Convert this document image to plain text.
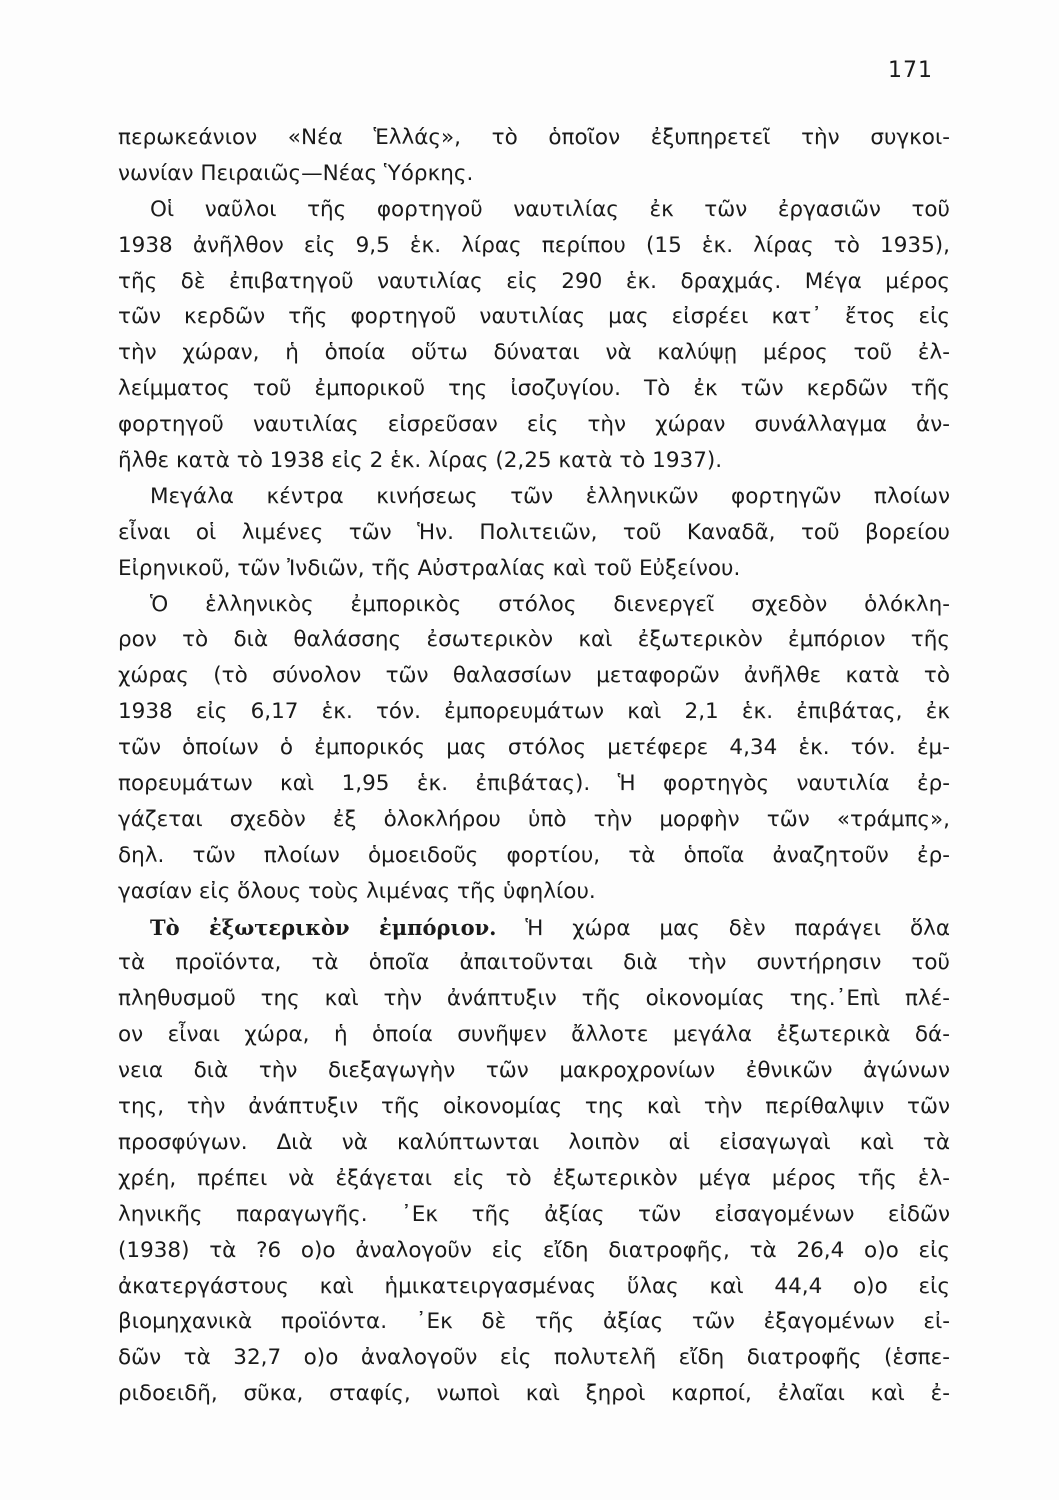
171
περωκεάνιον «Νέα Ἑλλάς», τὸ ὁποῖον ἐξυπηρετεῖ τὴν συγκοι-
νωνίαν Πειραιῶς—Νέας Ὑόρκης.
Οἱ ναῦλοι τῆς φορτηγοῦ ναυτιλίας ἐκ τῶν ἐργασιῶν τοῦ
1938 ἀνῆλθον εἰς 9,5 ἑκ. λίρας περίπου (15 ἑκ. λίρας τὸ 1935),
τῆς δὲ ἐπιβατηγοῦ ναυτιλίας εἰς 290 ἑκ. δραχμάς. Μέγα μέρος
τῶν κερδῶν τῆς φορτηγοῦ ναυτιλίας μας εἰσρέει κατ᾽ ἔτος εἰς
τὴν χώραν, ἡ ὁποία οὕτω δύναται νὰ καλύψῃ μέρος τοῦ ἐλ-
λείμματος τοῦ ἐμπορικοῦ της ἰσοζυγίου. Τὸ ἐκ τῶν κερδῶν τῆς
φορτηγοῦ ναυτιλίας εἰσρεῦσαν εἰς τὴν χώραν συνάλλαγμα ἀν-
ῆλθε κατὰ τὸ 1938 εἰς 2 ἑκ. λίρας (2,25 κατὰ τὸ 1937).
Μεγάλα κέντρα κινήσεως τῶν ἑλληνικῶν φορτηγῶν πλοίων
εἶναι οἱ λιμένες τῶν Ἡν. Πολιτειῶν, τοῦ Καναδᾶ, τοῦ βορείου
Εἰρηνικοῦ, τῶν Ἰνδιῶν, τῆς Αὐστραλίας καὶ τοῦ Εὐξείνου.
Ὁ ἑλληνικὸς ἐμπορικὸς στόλος διενεργεῖ σχεδὸν ὁλόκλη-
ρον τὸ διὰ θαλάσσης ἐσωτερικὸν καὶ ἐξωτερικὸν ἐμπόριον τῆς
χώρας (τὸ σύνολον τῶν θαλασσίων μεταφορῶν ἀνῆλθε κατὰ τὸ
1938 εἰς 6,17 ἑκ. τόν. ἐμπορευμάτων καὶ 2,1 ἑκ. ἐπιβάτας, ἐκ
τῶν ὁποίων ὁ ἐμπορικός μας στόλος μετέφερε 4,34 ἑκ. τόν. ἐμ-
πορευμάτων καὶ 1,95 ἑκ. ἐπιβάτας). Ἡ φορτηγὸς ναυτιλία ἐρ-
γάζεται σχεδὸν ἐξ ὁλοκλήρου ὑπὸ τὴν μορφὴν τῶν «τράμπς»,
δηλ. τῶν πλοίων ὁμοειδοῦς φορτίου, τὰ ὁποῖα ἀναζητοῦν ἐρ-
γασίαν εἰς ὅλους τοὺς λιμένας τῆς ὑφηλίου.
Τὸ ἐξωτερικὸν ἐμπόριον. Ἡ χώρα μας δὲν παράγει ὅλα
τὰ προϊόντα, τὰ ὁποῖα ἀπαιτοῦνται διὰ τὴν συντήρησιν τοῦ
πληθυσμοῦ της καὶ τὴν ἀνάπτυξιν τῆς οἰκονομίας της.᾽Επὶ πλέ-
ον εἶναι χώρα, ἡ ὁποία συνῆψεν ἄλλοτε μεγάλα ἐξωτερικὰ δά-
νεια διὰ τὴν διεξαγωγὴν τῶν μακροχρονίων ἐθνικῶν ἀγώνων
της, τὴν ἀνάπτυξιν τῆς οἰκονομίας της καὶ τὴν περίθαλψιν τῶν
προσφύγων. Διὰ νὰ καλύπτωνται λοιπὸν αἱ εἰσαγωγαὶ καὶ τὰ
χρέη, πρέπει νὰ ἐξάγεται εἰς τὸ ἐξωτερικὸν μέγα μέρος τῆς ἑλ-
ληνικῆς παραγωγῆς. ᾽Εκ τῆς ἀξίας τῶν εἰσαγομένων εἰδῶν
(1938) τὰ ?6 ο)ο ἀναλογοῦν εἰς εἴδη διατροφῆς, τὰ 26,4 ο)ο εἰς
ἀκατεργάστους καὶ ἡμικατειργασμένας ὕλας καὶ 44,4 ο)ο εἰς
βιομηχανικὰ προϊόντα. ᾽Εκ δὲ τῆς ἀξίας τῶν ἐξαγομένων εἰ-
δῶν τὰ 32,7 ο)ο ἀναλογοῦν εἰς πολυτελῆ εἴδη διατροφῆς (ἑσπε-
ριδοειδῆ, σῦκα, σταφίς, νωποὶ καὶ ξηροὶ καρποί, ἐλαῖαι καὶ ἐ-
